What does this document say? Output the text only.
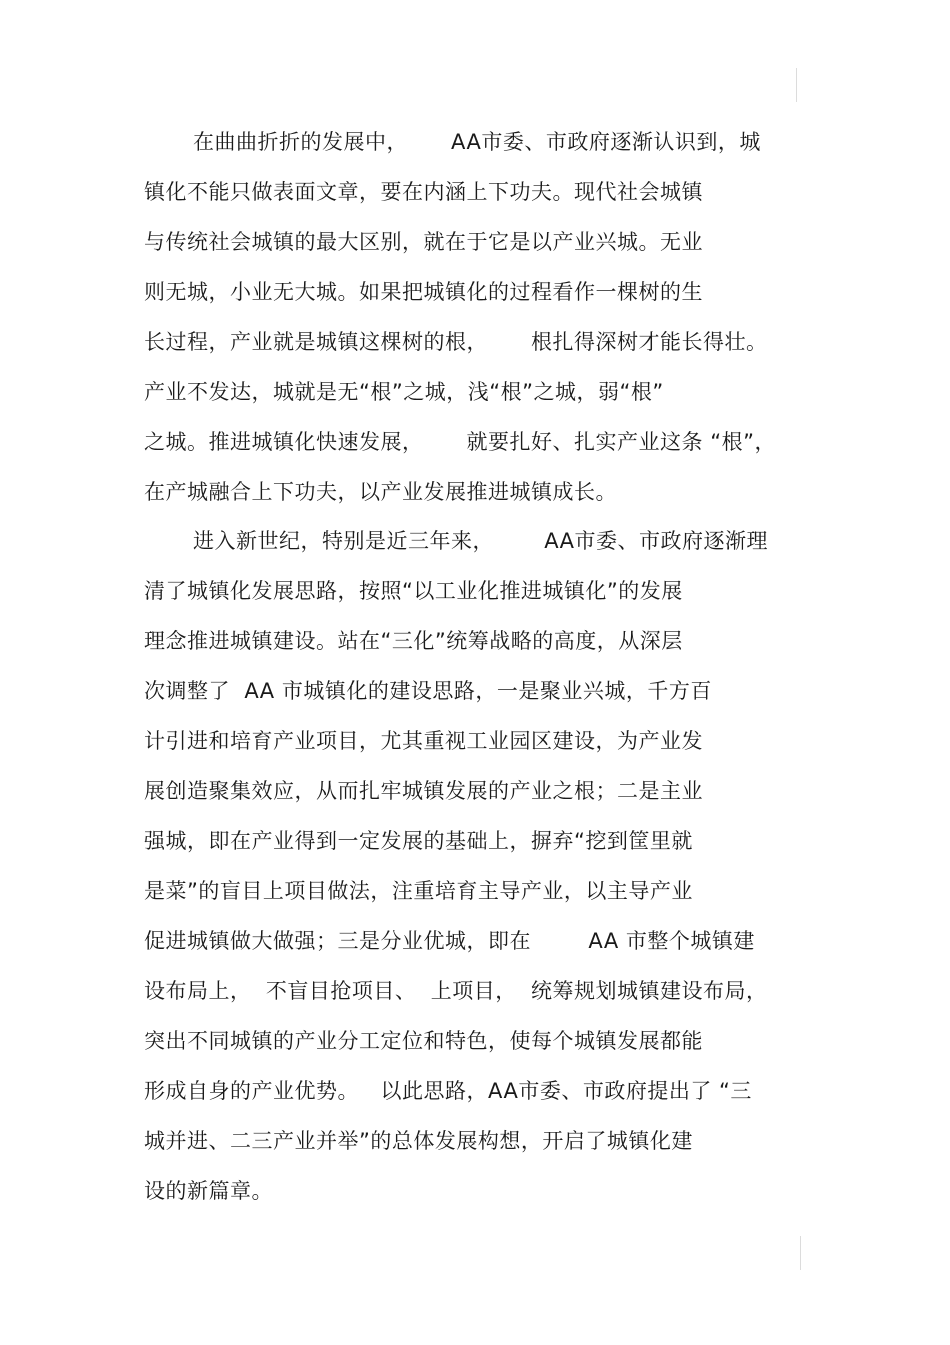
在曲曲折折的发展中，      AA市委、市政府逐渐认识到，城
镇化不能只做表面文章，要在内涵上下功夫。现代社会城镇
与传统社会城镇的最大区别，就在于它是以产业兴城。无业
则无城，小业无大城。如果把城镇化的过程看作一棵树的生
长过程，产业就是城镇这棵树的根，      根扎得深树才能长得壮。
产业不发达，城就是无“根”之城，浅“根”之城，弱“根”
之城。推进城镇化快速发展，      就要扎好、扎实产业这条 “根”，
在产城融合上下功夫，以产业发展推进城镇成长。
进入新世纪，特别是近三年来，       AA市委、市政府逐渐理
清了城镇化发展思路，按照“以工业化推进城镇化”的发展
理念推进城镇建设。站在“三化”统筹战略的高度，从深层
次调整了  AA 市城镇化的建设思路，一是聚业兴城，千方百
计引进和培育产业项目，尤其重视工业园区建设，为产业发
展创造聚集效应，从而扎牢城镇发展的产业之根；二是主业
强城，即在产业得到一定发展的基础上，摒弃“挖到筐里就
是菜”的盲目上项目做法，注重培育主导产业，以主导产业
促进城镇做大做强；三是分业优城，即在        AA 市整个城镇建
设布局上，  不盲目抢项目、  上项目，  统筹规划城镇建设布局，
突出不同城镇的产业分工定位和特色，使每个城镇发展都能
形成自身的产业优势。   以此思路，AA市委、市政府提出了 “三
城并进、二三产业并举”的总体发展构想，开启了城镇化建
设的新篇章。
